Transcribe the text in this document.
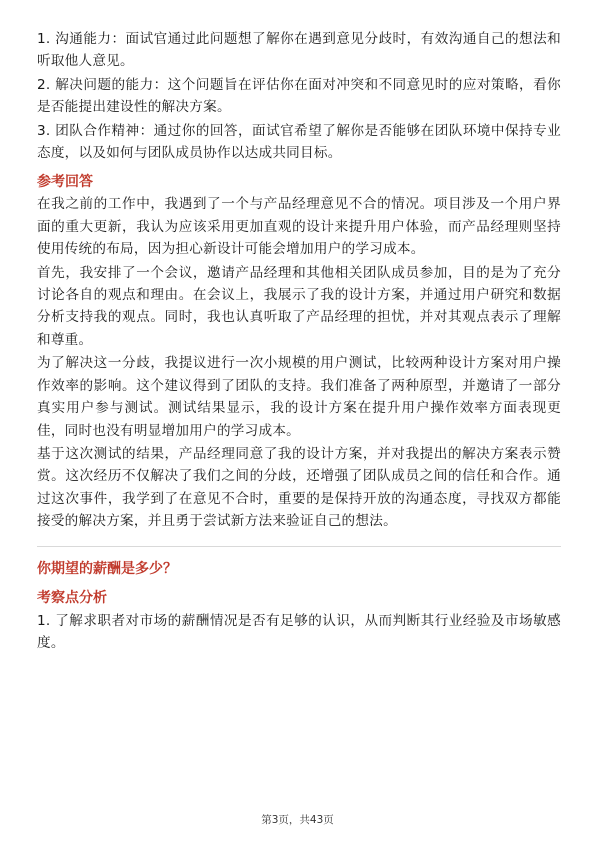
1. 沟通能力：面试官通过此问题想了解你在遇到意见分歧时，有效沟通自己的想法和听取他人意见。

2. 解决问题的能力：这个问题旨在评估你在面对冲突和不同意见时的应对策略，看你是否能提出建设性的解决方案。

3. 团队合作精神：通过你的回答，面试官希望了解你是否能够在团队环境中保持专业态度，以及如何与团队成员协作以达成共同目标。

参考回答

在我之前的工作中，我遇到了一个与产品经理意见不合的情况。项目涉及一个用户界面的重大更新，我认为应该采用更加直观的设计来提升用户体验，而产品经理则坚持使用传统的布局，因为担心新设计可能会增加用户的学习成本。

首先，我安排了一个会议，邀请产品经理和其他相关团队成员参加，目的是为了充分讨论各自的观点和理由。在会议上，我展示了我的设计方案，并通过用户研究和数据分析支持我的观点。同时，我也认真听取了产品经理的担忧，并对其观点表示了理解和尊重。

为了解决这一分歧，我提议进行一次小规模的用户测试，比较两种设计方案对用户操作效率的影响。这个建议得到了团队的支持。我们准备了两种原型，并邀请了一部分真实用户参与测试。测试结果显示，我的设计方案在提升用户操作效率方面表现更佳，同时也没有明显增加用户的学习成本。

基于这次测试的结果，产品经理同意了我的设计方案，并对我提出的解决方案表示赞赏。这次经历不仅解决了我们之间的分歧，还增强了团队成员之间的信任和合作。通过这次事件，我学到了在意见不合时，重要的是保持开放的沟通态度，寻找双方都能接受的解决方案，并且勇于尝试新方法来验证自己的想法。

你期望的薪酬是多少？
考察点分析

1. 了解求职者对市场的薪酬情况是否有足够的认识，从而判断其行业经验及市场敏感度。

第3页，共43页
